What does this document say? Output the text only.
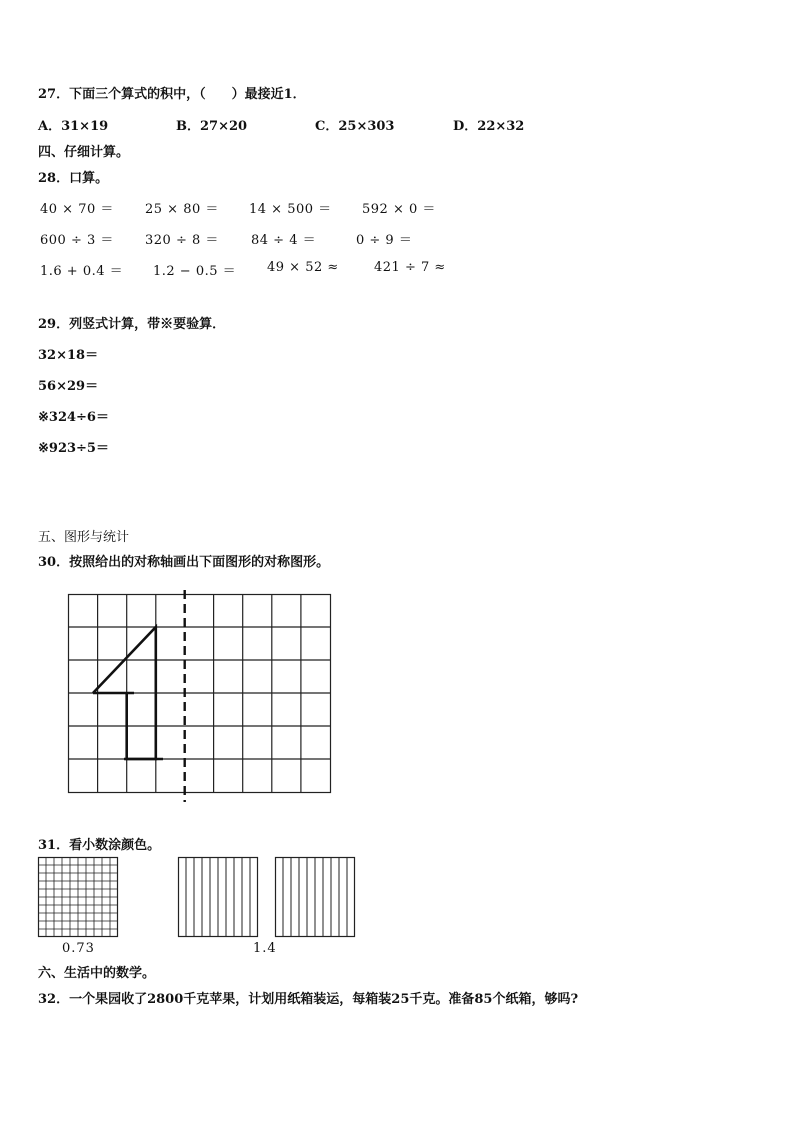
27．下面三个算式的积中，（　　）最接近1．
A．31×19	B．27×20	C．25×303	D．22×32
四、仔细计算。
28．口算。
40 × 70 ＝ 25 × 80 ＝ 14 × 500 ＝ 592 × 0 ＝
600 ÷ 3 ＝ 320 ÷ 8 ＝ 84 ÷ 4 ＝	0 ÷ 9 ＝
1.6 + 0.4 ＝ 1.2 − 0.5 ＝ 49 × 52 ≈	421 ÷ 7 ≈
29．列竖式计算，带※要验算．
32×18＝
56×29＝
※324÷6＝
※923÷5＝
五、图形与统计
30．按照给出的对称轴画出下面图形的对称图形。
31．看小数涂颜色。
0.73	1.4
六、生活中的数学。
32．一个果园收了2800千克苹果，计划用纸箱装运，每箱装25千克。准备85个纸箱，够吗?
